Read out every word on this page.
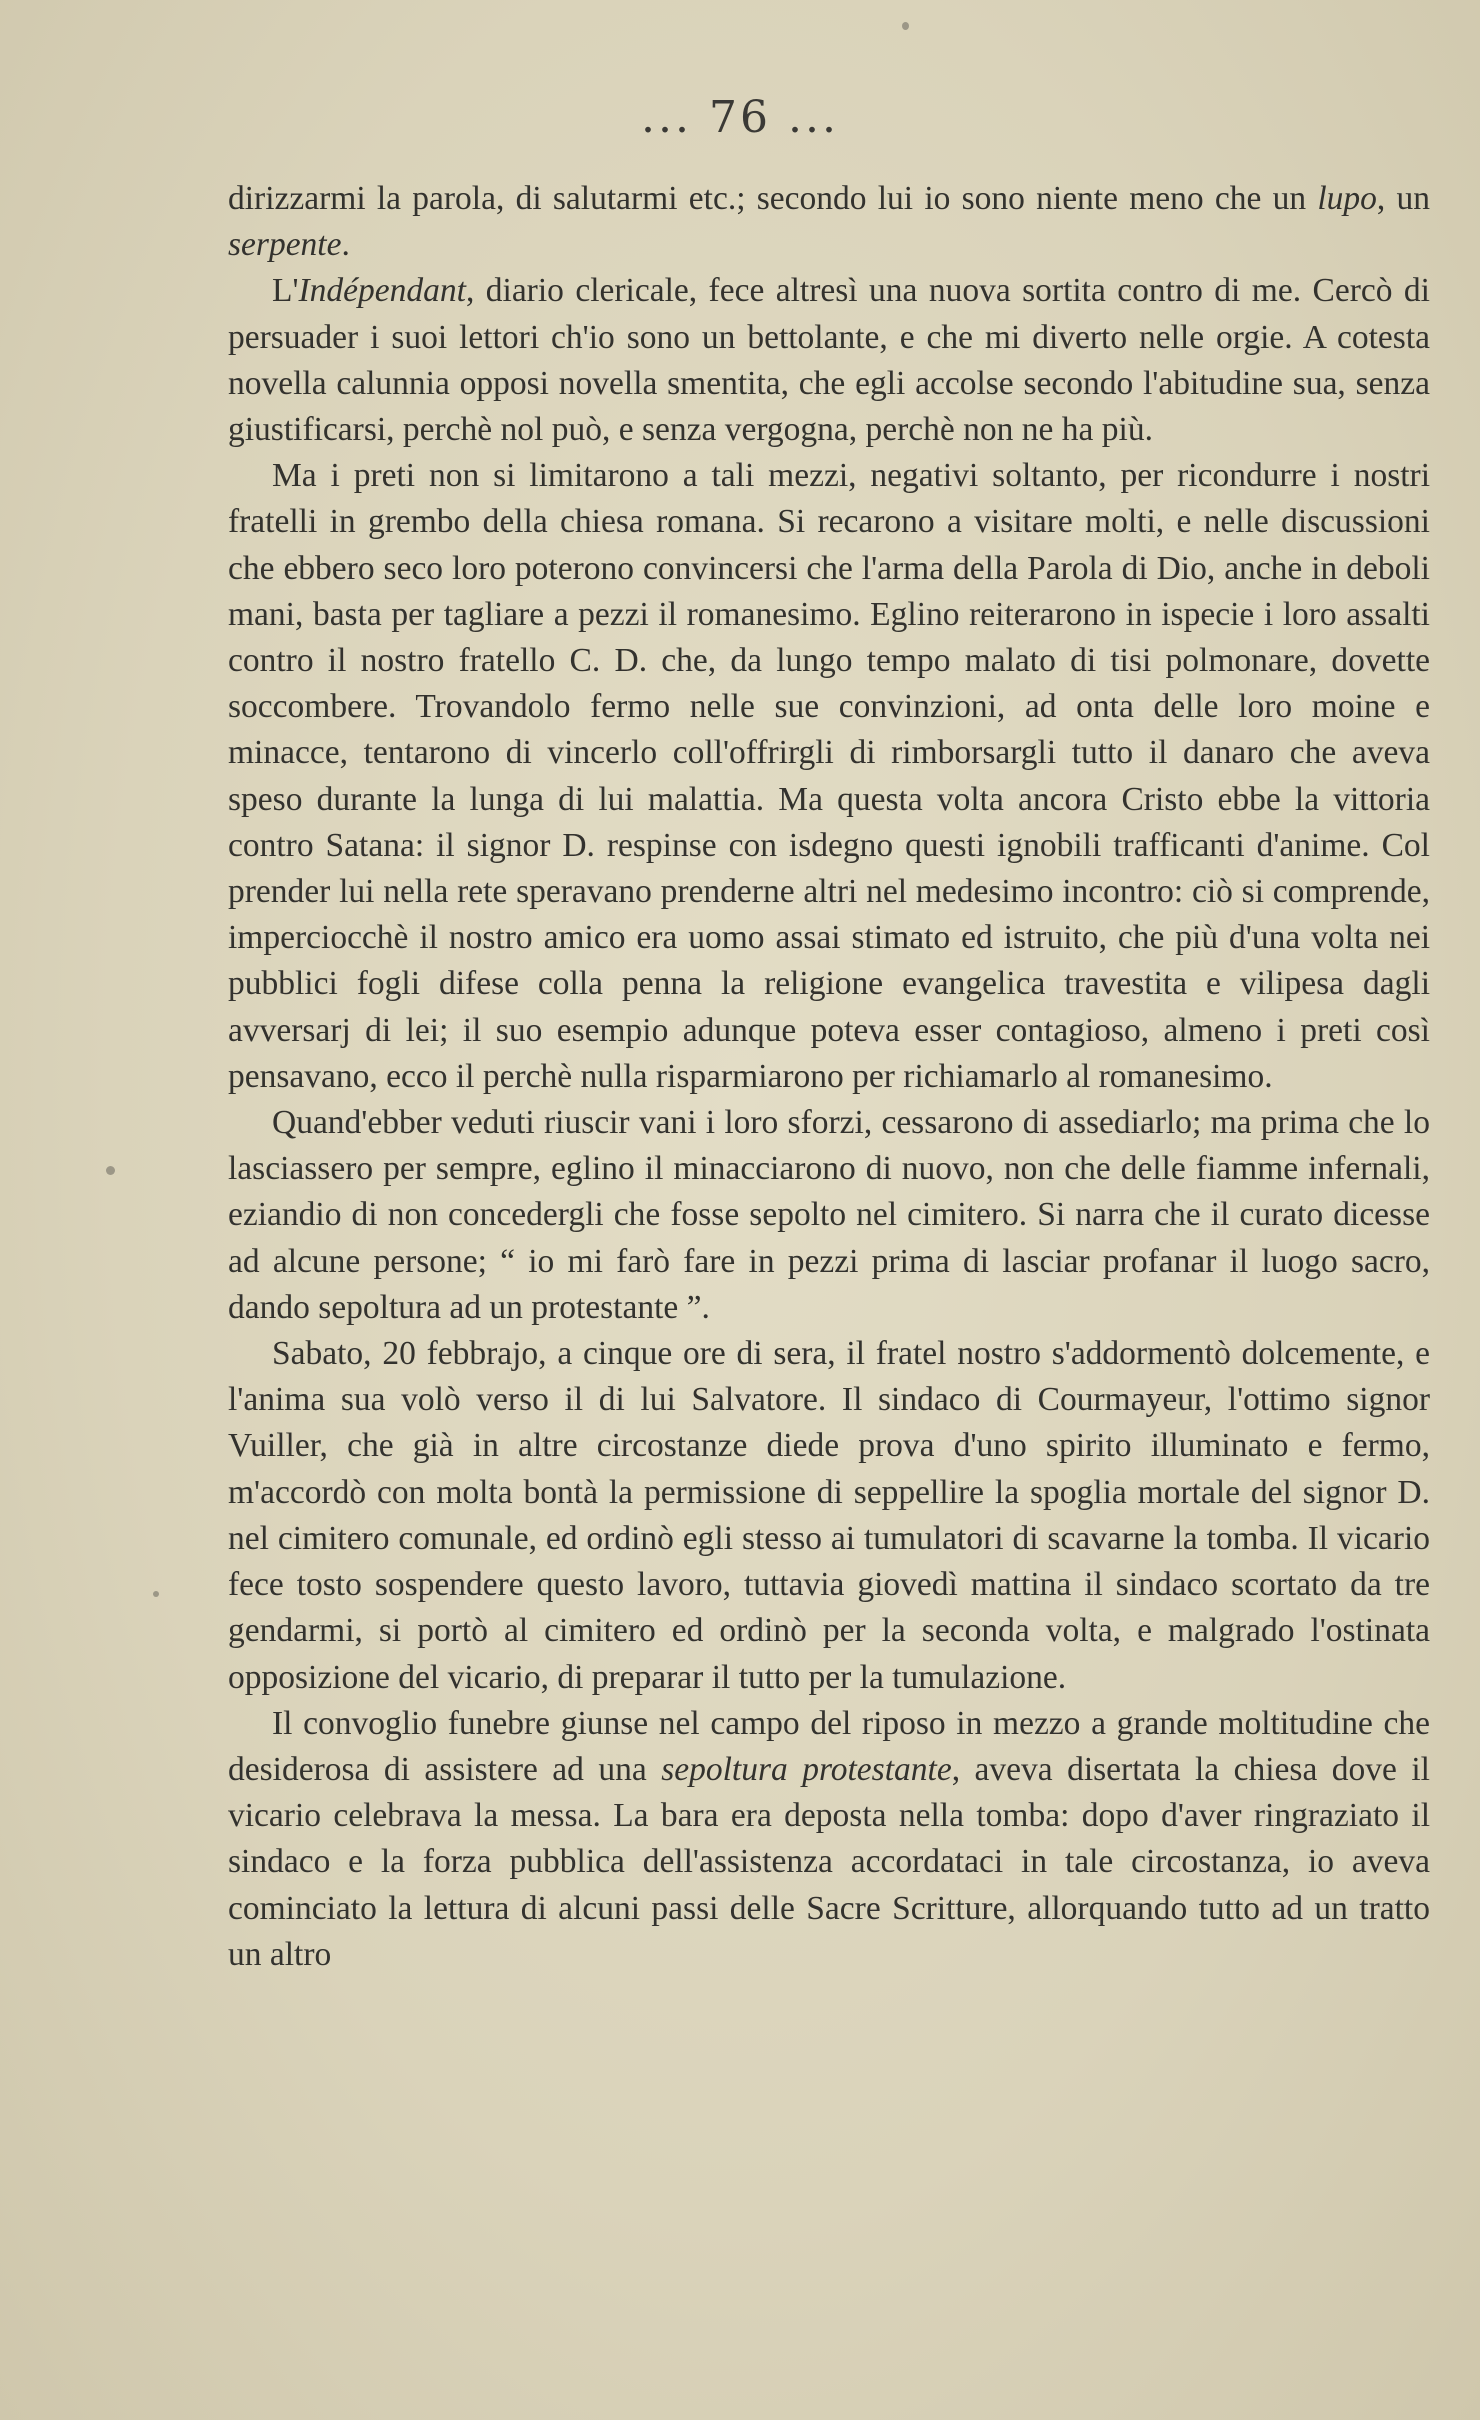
... 76 ...

dirizzarmi la parola, di salutarmi etc.; secondo lui io sono niente meno che un lupo, un serpente.

L'Indépendant, diario clericale, fece altresì una nuova sortita contro di me. Cercò di persuader i suoi lettori ch'io sono un bettolante, e che mi diverto nelle orgie. A cotesta novella calunnia opposi novella smentita, che egli accolse secondo l'abitudine sua, senza giustificarsi, perchè nol può, e senza vergogna, perchè non ne ha più.

Ma i preti non si limitarono a tali mezzi, negativi soltanto, per ricondurre i nostri fratelli in grembo della chiesa romana. Si recarono a visitare molti, e nelle discussioni che ebbero seco loro poterono convincersi che l'arma della Parola di Dio, anche in deboli mani, basta per tagliare a pezzi il romanesimo. Eglino reiterarono in ispecie i loro assalti contro il nostro fratello C. D. che, da lungo tempo malato di tisi polmonare, dovette soccombere. Trovandolo fermo nelle sue convinzioni, ad onta delle loro moine e minacce, tentarono di vincerlo coll'offrirgli di rimborsargli tutto il danaro che aveva speso durante la lunga di lui malattia. Ma questa volta ancora Cristo ebbe la vittoria contro Satana: il signor D. respinse con isdegno questi ignobili trafficanti d'anime. Col prender lui nella rete speravano prenderne altri nel medesimo incontro: ciò si comprende, imperciocchè il nostro amico era uomo assai stimato ed istruito, che più d'una volta nei pubblici fogli difese colla penna la religione evangelica travestita e vilipesa dagli avversarj di lei; il suo esempio adunque poteva esser contagioso, almeno i preti così pensavano, ecco il perchè nulla risparmiarono per richiamarlo al romanesimo.

Quand'ebber veduti riuscir vani i loro sforzi, cessarono di assediarlo; ma prima che lo lasciassero per sempre, eglino il minacciarono di nuovo, non che delle fiamme infernali, eziandio di non concedergli che fosse sepolto nel cimitero. Si narra che il curato dicesse ad alcune persone; “ io mi farò fare in pezzi prima di lasciar profanar il luogo sacro, dando sepoltura ad un protestante ”.

Sabato, 20 febbrajo, a cinque ore di sera, il fratel nostro s'addormentò dolcemente, e l'anima sua volò verso il di lui Salvatore. Il sindaco di Courmayeur, l'ottimo signor Vuiller, che già in altre circostanze diede prova d'uno spirito illuminato e fermo, m'accordò con molta bontà la permissione di seppellire la spoglia mortale del signor D. nel cimitero comunale, ed ordinò egli stesso ai tumulatori di scavarne la tomba. Il vicario fece tosto sospendere questo lavoro, tuttavia giovedì mattina il sindaco scortato da tre gendarmi, si portò al cimitero ed ordinò per la seconda volta, e malgrado l'ostinata opposizione del vicario, di preparar il tutto per la tumulazione.

Il convoglio funebre giunse nel campo del riposo in mezzo a grande moltitudine che desiderosa di assistere ad una sepoltura protestante, aveva disertata la chiesa dove il vicario celebrava la messa. La bara era deposta nella tomba: dopo d'aver ringraziato il sindaco e la forza pubblica dell'assistenza accordataci in tale circostanza, io aveva cominciato la lettura di alcuni passi delle Sacre Scritture, allorquando tutto ad un tratto un altro
